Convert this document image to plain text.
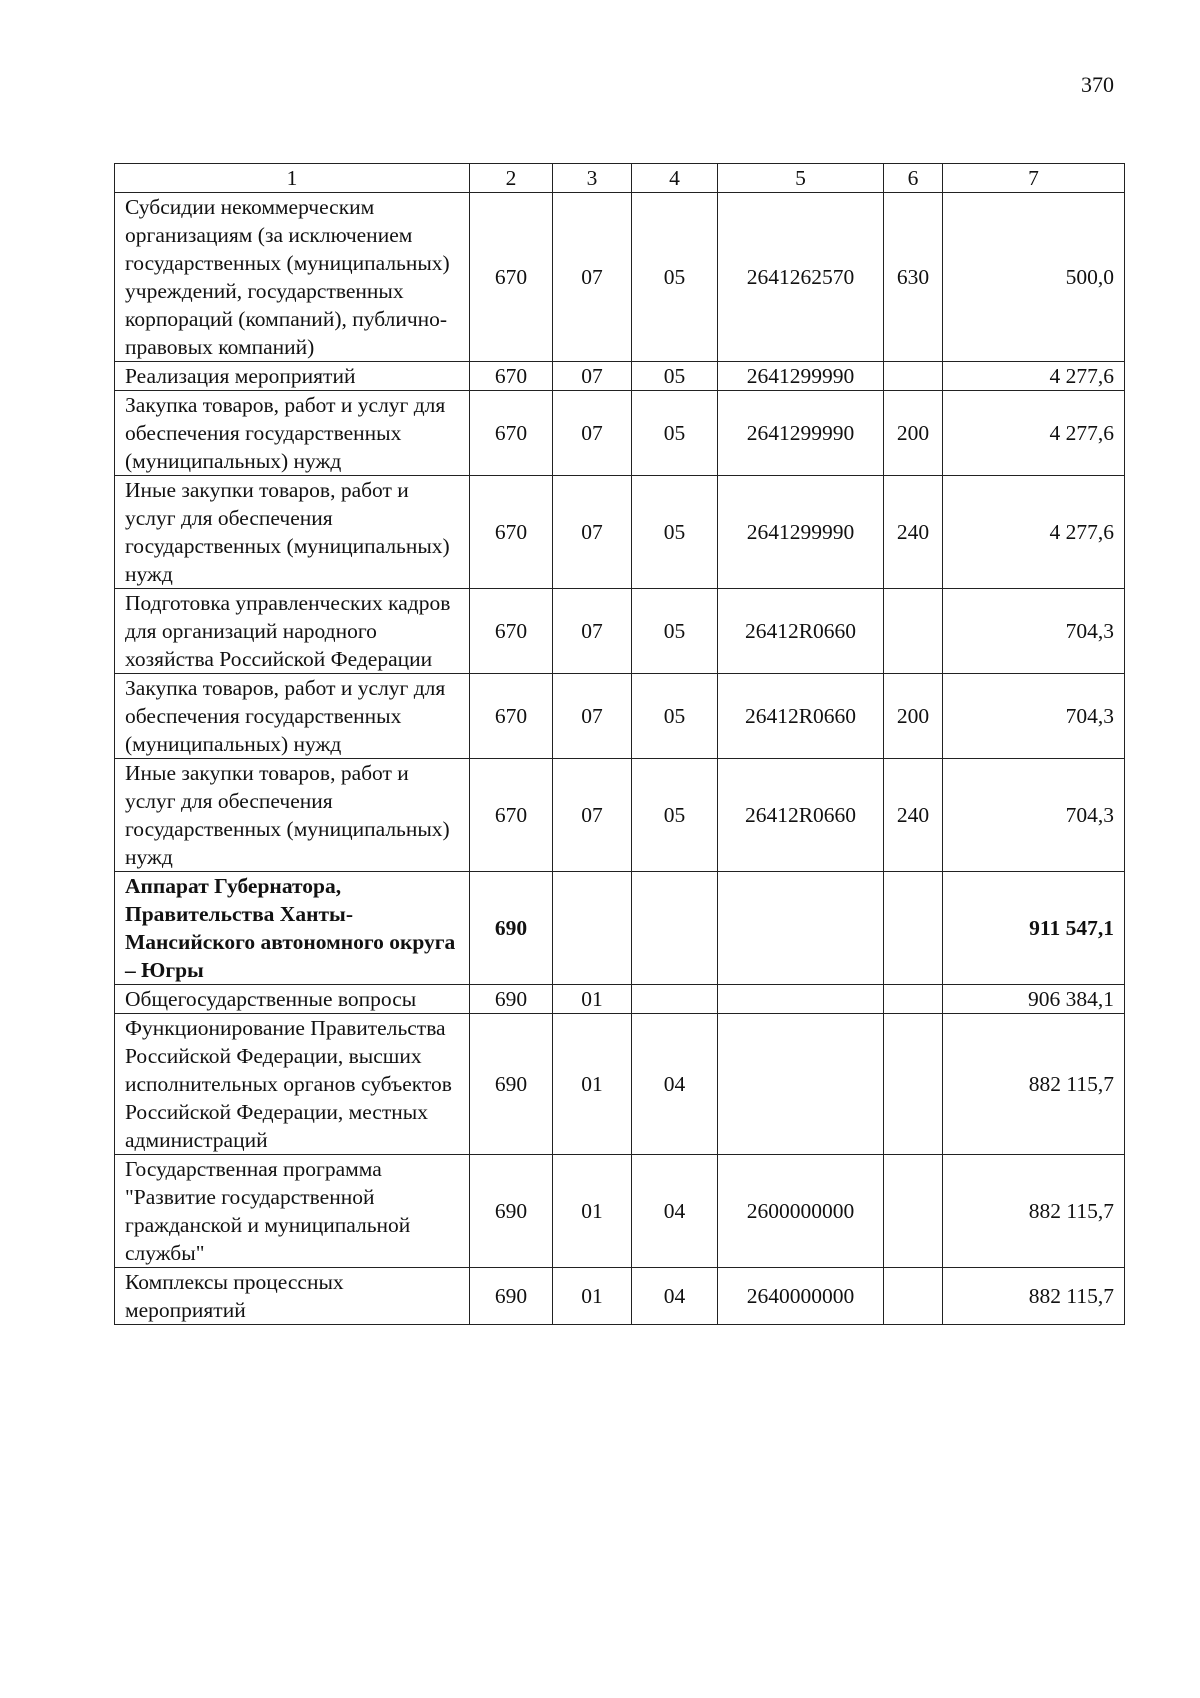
370
1	2	3	4	5	6	7
Субсидии некоммерческим организациям (за исключением государственных (муниципальных) учреждений, государственных корпораций (компаний), публично-правовых компаний)	670	07	05	2641262570	630	500,0
Реализация мероприятий	670	07	05	2641299990		4 277,6
Закупка товаров, работ и услуг для обеспечения государственных (муниципальных) нужд	670	07	05	2641299990	200	4 277,6
Иные закупки товаров, работ и услуг для обеспечения государственных (муниципальных) нужд	670	07	05	2641299990	240	4 277,6
Подготовка управленческих кадров для организаций народного хозяйства Российской Федерации	670	07	05	26412R0660		704,3
Закупка товаров, работ и услуг для обеспечения государственных (муниципальных) нужд	670	07	05	26412R0660	200	704,3
Иные закупки товаров, работ и услуг для обеспечения государственных (муниципальных) нужд	670	07	05	26412R0660	240	704,3
Аппарат Губернатора, Правительства Ханты-Мансийского автономного округа – Югры	690					911 547,1
Общегосударственные вопросы	690	01				906 384,1
Функционирование Правительства Российской Федерации, высших исполнительных органов субъектов Российской Федерации, местных администраций	690	01	04			882 115,7
Государственная программа "Развитие государственной гражданской и муниципальной службы"	690	01	04	2600000000		882 115,7
Комплексы процессных мероприятий	690	01	04	2640000000		882 115,7
